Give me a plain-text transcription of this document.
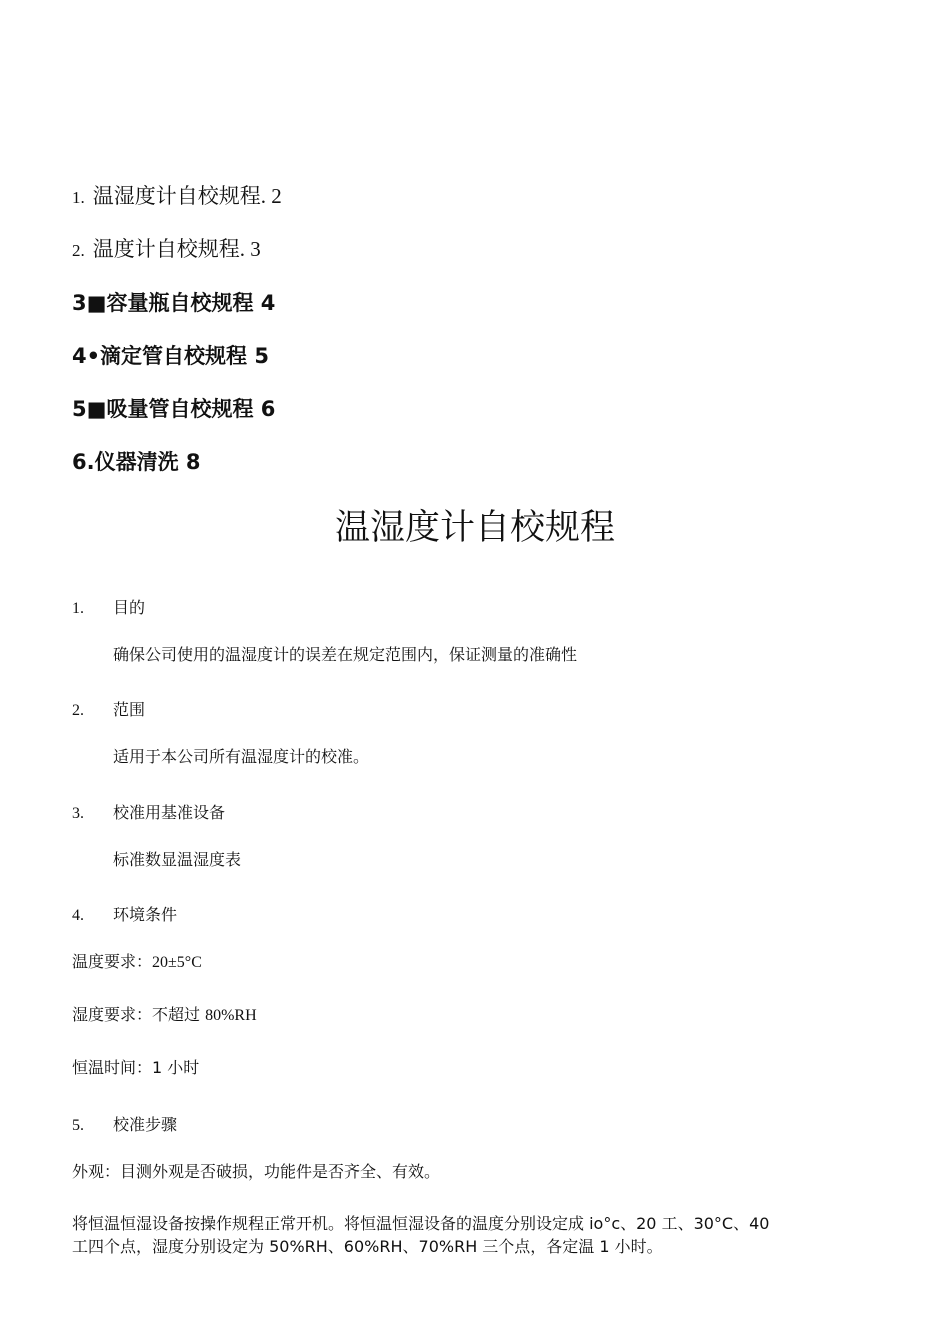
1. 温湿度计自校规程. 2
2. 温度计自校规程. 3
3■容量瓶自校规程 4
4•滴定管自校规程 5
5■吸量管自校规程 6
6.仪器清洗 8
温湿度计自校规程
1. 目的
确保公司使用的温湿度计的误差在规定范围内，保证测量的准确性
2. 范围
适用于本公司所有温湿度计的校准。
3. 校准用基准设备
标准数显温湿度表
4. 环境条件
温度要求：20±5°C
湿度要求：不超过 80%RH
恒温时间：1 小时
5. 校准步骤
外观：目测外观是否破损，功能件是否齐全、有效。
将恒温恒湿设备按操作规程正常开机。将恒温恒湿设备的温度分别设定成 io°c、20 工、30°C、40
工四个点，湿度分别设定为 50%RH、60%RH、70%RH 三个点，各定温 1 小时。
